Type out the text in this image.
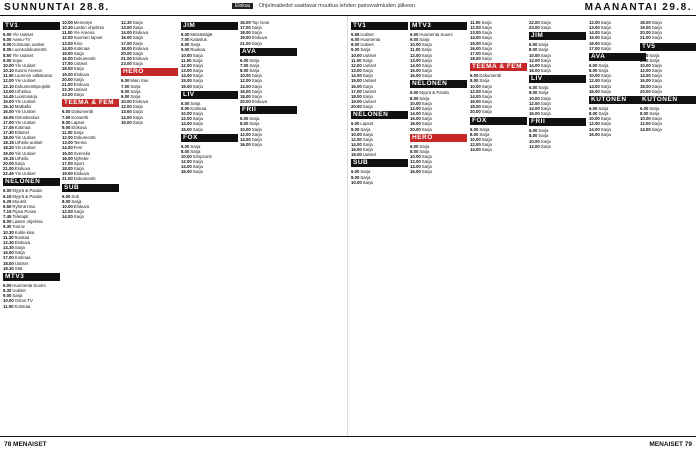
SUNNUNTAI 28.8.	Elokuu Ohjelmatiedot saattavat muuttua lehden painovalmiuden jälkeen.	MAANANTAI 29.8.
TV1
6.00Yle Uutiset
6.00Aamu-TV
8.00Kotimaan uutiset
8.05Luontodokumentti
8.50Yle Uutiset
9.00Sopu
10.00Yle Uutiset
10.10Suomi Areena
11.00Luonnon valtakunta
12.00Yle Uutiset
12.10Dokumenttiprojekti
13.00Urheilua
14.45Luontosarja
15.00Yle Uutiset
15.10Matkalla
16.00Yle Uutiset
16.05Ostoskeskus
17.00Yle Uutiset
17.05Kotimaa
17.30Eläimet
18.00Yle Uutiset
18.15Urheilu-uutiset
18.20Yle Uutiset
19.00Yle Uutiset
19.15Urheilu
20.00Sarja
21.00Elokuva
22.45Yle Uutiset
NELONEN
6.00Myyrä & Panda
6.15Myyrä & Panda
6.25Muumit
6.50Ryhmä Hau
7.15Pipsa Possu
7.45Teletapit
8.00Lasten ohjelmia
9.30Tosi-tv
10.30Kokki-kisa
11.30Ruokaa
12.30Elokuva
14.30Sarja
16.00Sarja
17.00Kotimaa
18.00Uutiset
18.30Sää
MTV3
6.00Huomenta Suomi
8.30Uutiset
9.00Sarja
10.00Ostos-TV
11.00Kotimaa
10.00Menestys
10.30Lasten ohjelmia
11.00Yle Areena
12.00Suomen lapset
13.00Kino
14.00Kotimaa
15.00Sarja
16.00Dokumentti
17.00Uutiset
18.00Sarja
19.00Elokuva
20.00Sarja
21.00Elokuva
22.30Uutiset
23.00Sarja
TEEMA & FEM
6.00Dokumentti
7.00Konsertti
8.00Lapset
9.00Elokuva
11.00Sarja
12.00Dokumentti
13.00Teema
14.00Fem
15.00Svenska
16.00Nyheter
17.00Sport
18.00Sarja
19.00Elokuva
21.00Dokumentti
SUB
6.00Sub
8.00Sarja
10.00Elokuva
12.00Sarja
14.00Sarja
12.30Sarja
13.00Sarja
14.00Elokuva
16.00Sarja
17.00Sarja
18.00Elokuva
20.00Sarja
21.00Elokuva
23.00Sarja
HERO
6.00Main Sue
7.00Sarja
8.00Sarja
9.00Sarja
10.00Elokuva
12.00Sarja
13.00Sarja
14.00Sarja
15.00Sarja
JIM
6.00Metsästäjät
7.00Kalastus
8.00Sarja
9.00Ruokaa
10.00Sarja
11.00Sarja
12.00Sarja
13.00Sarja
14.00Sarja
15.00Sarja
16.00Sarja
LIV
6.00Sarja
8.00Kotimaa
10.00Sarja
12.00Sarja
14.00Sarja
16.00Sarja
FOX
6.00Sarja
8.00Sarja
10.00Simpsonit
12.00Sarja
14.00Sarja
16.00Sarja
16.00Top Gear
17.00Sarja
18.00Sarja
19.00Elokuva
21.00Sarja
AVA
6.00Sarja
7.00Sarja
8.00Sarja
10.00Sarja
12.00Sarja
14.00Sarja
16.00Sarja
18.00Sarja
20.00Elokuva
FRII
6.00Sarja
8.00Sarja
10.00Sarja
12.00Sarja
14.00Sarja
16.00Sarja
TV1
5.58Uutiset
6.00Huomenta
8.00Uutiset
9.00Sarja
10.00Uutiset
11.00Sarja
12.00Uutiset
13.00Sarja
14.00Sarja
15.00Uutiset
16.00Sarja
17.00Uutiset
18.00Sarja
19.00Uutiset
20.00Sarja
NELONEN
6.00Lapset
8.00Sarja
10.00Sarja
12.00Sarja
14.00Sarja
16.00Sarja
18.00Uutiset
SUB
6.00Sarja
8.00Sarja
10.00Sarja
MTV3
6.00Huomenta Suomi
9.00Sarja
10.00Sarja
11.00Sarja
12.00Sarja
13.00Sarja
14.00Sarja
15.00Sarja
16.00Sarja
NELONEN
6.00Myyrä & Panda
8.00Sarja
10.00Sarja
12.00Sarja
14.00Sarja
16.00Sarja
18.00Sarja
20.00Sarja
HERO
6.00Sarja
8.00Sarja
10.00Sarja
12.00Sarja
14.00Sarja
16.00Sarja
11.00Sarja
12.00Sarja
13.00Sarja
14.00Sarja
15.00Sarja
16.00Sarja
17.00Sarja
18.00Sarja
TEEMA & FEM
6.00Dokumentti
8.00Sarja
10.00Sarja
12.00Sarja
14.00Sarja
16.00Sarja
18.00Sarja
20.00Sarja
FOX
6.00Sarja
8.00Sarja
10.00Sarja
12.00Sarja
14.00Sarja
22.00Sarja
23.00Sarja
JIM
6.00Sarja
8.00Sarja
10.00Sarja
12.00Sarja
14.00Sarja
16.00Sarja
LIV
6.00Sarja
8.00Sarja
10.00Sarja
12.00Sarja
14.00Sarja
16.00Sarja
FRII
6.00Sarja
8.00Sarja
10.00Sarja
12.00Sarja
12.00Sarja
13.00Sarja
14.00Sarja
15.00Sarja
16.00Sarja
17.00Sarja
AVA
6.00Sarja
8.00Sarja
10.00Sarja
12.00Sarja
14.00Sarja
16.00Sarja
KUTONEN
6.00Sarja
8.00Sarja
10.00Sarja
12.00Sarja
14.00Sarja
16.00Sarja
18.00Sarja
19.00Sarja
20.00Sarja
21.00Sarja
TV5
6.00Sarja
8.00Sarja
10.00Sarja
12.00Sarja
14.00Sarja
16.00Sarja
18.00Sarja
20.00Sarja
KUTONEN
6.00Sarja
8.00Sarja
10.00Sarja
12.00Sarja
14.00Sarja
78 MENAISET	MENAISET 79
